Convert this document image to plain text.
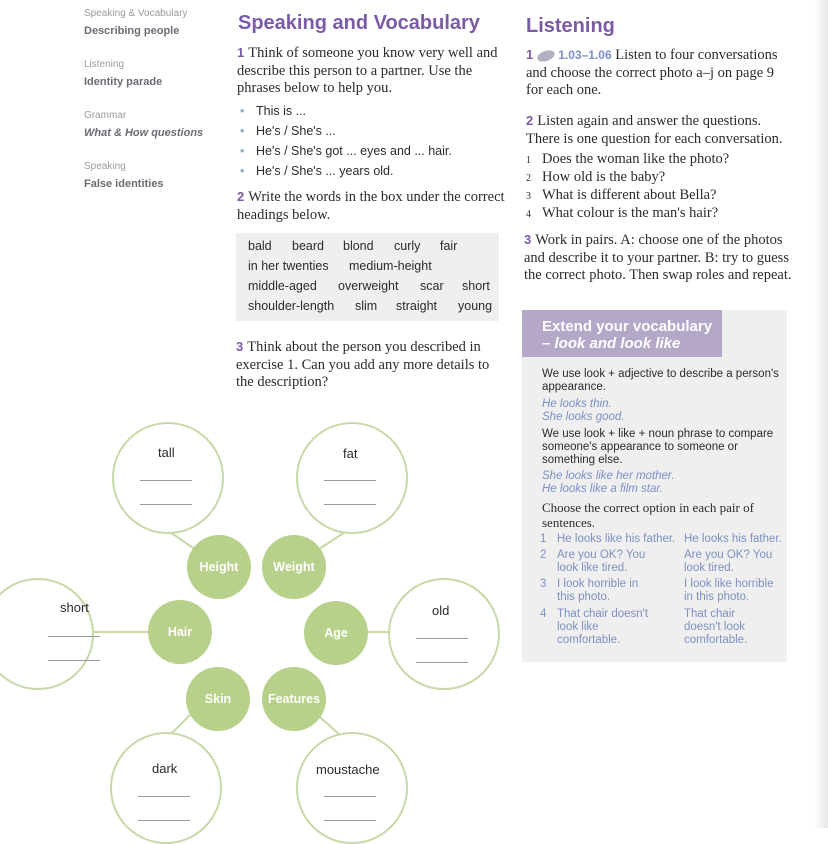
Speaking & Vocabulary
Describing people
Listening
Identity parade
Grammar
What & How questions
Speaking
False identities
Speaking and Vocabulary
1 Think of someone you know very well and describe this person to a partner. Use the phrases below to help you.
• This is ...
• He's / She's ...
• He's / She's got ... eyes and ... hair.
• He's / She's ... years old.
2 Write the words in the box under the correct headings below.
bald beard blond curly fair
in her twenties medium-height
middle-aged overweight scar short
shoulder-length slim straight young
3 Think about the person you described in exercise 1. Can you add any more details to the description?
tall	fat
short	old
dark	moustache
Height	Weight
Hair	Age
Skin	Features
Listening
1 1.03–1.06 Listen to four conversations and choose the correct photo a–j on page 9 for each one.
2 Listen again and answer the questions. There is one question for each conversation.
1 Does the woman like the photo?
2 How old is the baby?
3 What is different about Bella?
4 What colour is the man's hair?
3 Work in pairs. A: choose one of the photos and describe it to your partner. B: try to guess the correct photo. Then swap roles and repeat.
Extend your vocabulary
– look and look like
We use look + adjective to describe a person's appearance.
He looks thin.
She looks good.
We use look + like + noun phrase to compare someone's appearance to someone or something else.
She looks like her mother.
He looks like a film star.
Choose the correct option in each pair of sentences.
1 He looks like his father. He looks his father.
2 Are you OK? You look like tired.
Are you OK? You look tired.
3 I look horrible in this photo.
I look like horrible in this photo.
4 That chair doesn't look like comfortable.
That chair doesn't look comfortable.
